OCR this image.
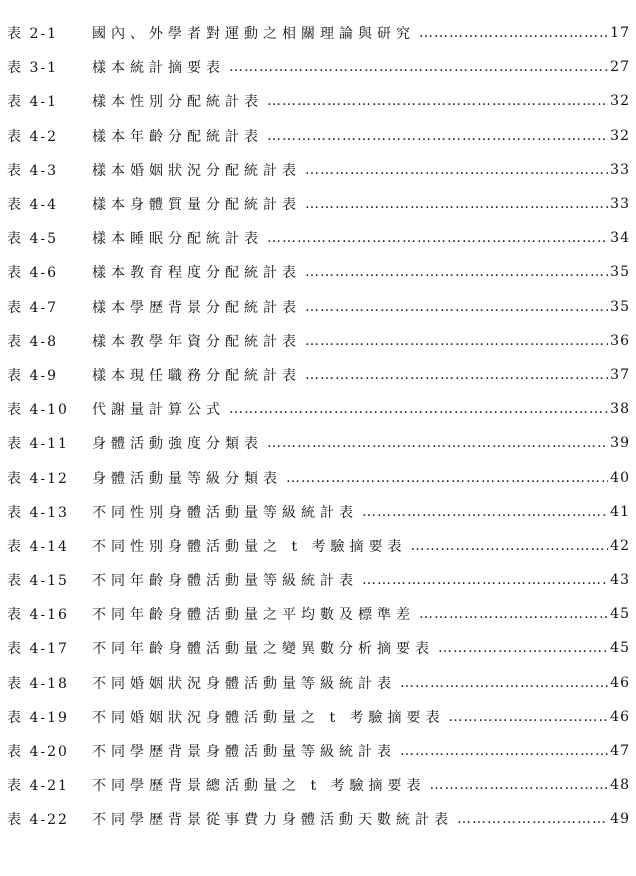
表 2-1	國內、外學者對運動之相關理論與研究 ……………………………………………………………………………………………………………………………………………………	17
表 3-1	樣本統計摘要表 ……………………………………………………………………………………………………………………………………………………	27
表 4-1	樣本性別分配統計表 ……………………………………………………………………………………………………………………………………………………	32
表 4-2	樣本年齡分配統計表 ……………………………………………………………………………………………………………………………………………………	32
表 4-3	樣本婚姻狀況分配統計表 ……………………………………………………………………………………………………………………………………………………	33
表 4-4	樣本身體質量分配統計表 ……………………………………………………………………………………………………………………………………………………	33
表 4-5	樣本睡眠分配統計表 ……………………………………………………………………………………………………………………………………………………	34
表 4-6	樣本教育程度分配統計表 ……………………………………………………………………………………………………………………………………………………	35
表 4-7	樣本學歷背景分配統計表 ……………………………………………………………………………………………………………………………………………………	35
表 4-8	樣本教學年資分配統計表 ……………………………………………………………………………………………………………………………………………………	36
表 4-9	樣本現任職務分配統計表 ……………………………………………………………………………………………………………………………………………………	37
表 4-10	代謝量計算公式 ……………………………………………………………………………………………………………………………………………………	38
表 4-11	身體活動強度分類表 ……………………………………………………………………………………………………………………………………………………	39
表 4-12	身體活動量等級分類表 ……………………………………………………………………………………………………………………………………………………	40
表 4-13	不同性別身體活動量等級統計表 ……………………………………………………………………………………………………………………………………………………	41
表 4-14	不同性別身體活動量之 t 考驗摘要表 ……………………………………………………………………………………………………………………………………………………	42
表 4-15	不同年齡身體活動量等級統計表 ……………………………………………………………………………………………………………………………………………………	43
表 4-16	不同年齡身體活動量之平均數及標準差 ……………………………………………………………………………………………………………………………………………………	45
表 4-17	不同年齡身體活動量之變異數分析摘要表 ……………………………………………………………………………………………………………………………………………………	45
表 4-18	不同婚姻狀況身體活動量等級統計表 ……………………………………………………………………………………………………………………………………………………	46
表 4-19	不同婚姻狀況身體活動量之 t 考驗摘要表 ……………………………………………………………………………………………………………………………………………………	46
表 4-20	不同學歷背景身體活動量等級統計表 ……………………………………………………………………………………………………………………………………………………	47
表 4-21	不同學歷背景總活動量之 t 考驗摘要表 ……………………………………………………………………………………………………………………………………………………	48
表 4-22	不同學歷背景從事費力身體活動天數統計表 ……………………………………………………………………………………………………………………………………………………	49
